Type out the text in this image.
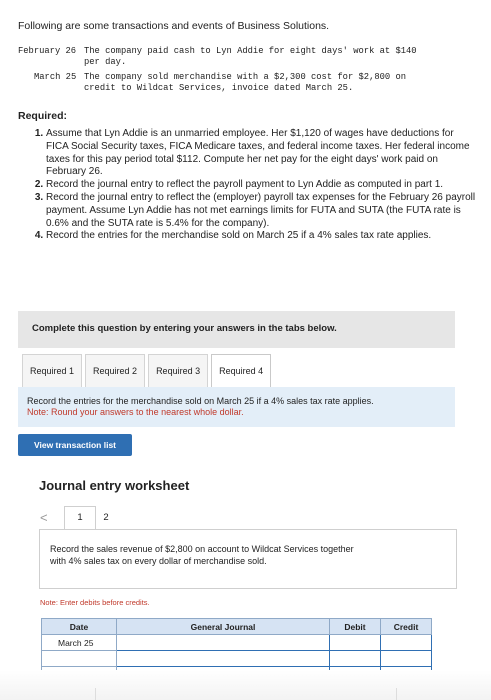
Following are some transactions and events of Business Solutions.
February 26 The company paid cash to Lyn Addie for eight days' work at $140
per day.
March 25 The company sold merchandise with a $2,300 cost for $2,800 on
credit to Wildcat Services, invoice dated March 25.
Required:
1. Assume that Lyn Addie is an unmarried employee. Her $1,120 of wages have deductions for FICA Social Security taxes, FICA Medicare taxes, and federal income taxes. Her federal income taxes for this pay period total $112. Compute her net pay for the eight days' work paid on February 26.
2. Record the journal entry to reflect the payroll payment to Lyn Addie as computed in part 1.
3. Record the journal entry to reflect the (employer) payroll tax expenses for the February 26 payroll payment. Assume Lyn Addie has not met earnings limits for FUTA and SUTA (the FUTA rate is 0.6% and the SUTA rate is 5.4% for the company).
4. Record the entries for the merchandise sold on March 25 if a 4% sales tax rate applies.
Complete this question by entering your answers in the tabs below.
Required 1	Required 2	Required 3	Required 4
Record the entries for the merchandise sold on March 25 if a 4% sales tax rate applies.
Note: Round your answers to the nearest whole dollar.
View transaction list
Journal entry worksheet
<	1	2
Record the sales revenue of $2,800 on account to Wildcat Services together
with 4% sales tax on every dollar of merchandise sold.
Note: Enter debits before credits.
Date	General Journal	Debit	Credit
March 25			
